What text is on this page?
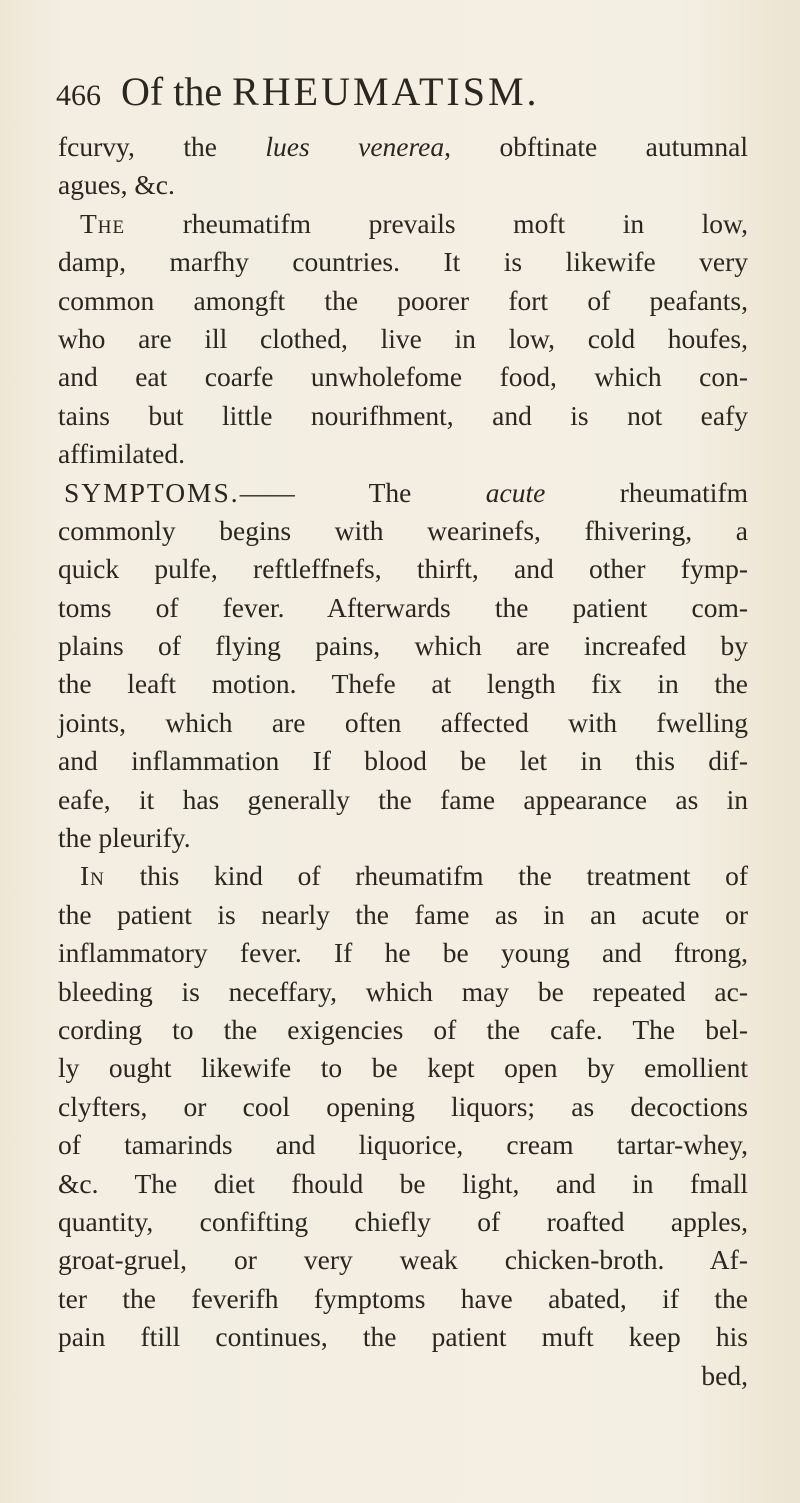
466 Of the RHEUMATISM.
fcurvy, the lues venerea, obftinate autumnal
agues, &c.
The rheumatifm prevails moft in low,
damp, marfhy countries. It is likewife very
common amongft the poorer fort of peafants,
who are ill clothed, live in low, cold houfes,
and eat coarfe unwholefome food, which con-
tains but little nourifhment, and is not eafy
affimilated.
SYMPTOMS.—— The acute rheumatifm
commonly begins with wearinefs, fhivering, a
quick pulfe, reftleffnefs, thirft, and other fymp-
toms of fever. Afterwards the patient com-
plains of flying pains, which are increafed by
the leaft motion. Thefe at length fix in the
joints, which are often affected with fwelling
and inflammation If blood be let in this dif-
eafe, it has generally the fame appearance as in
the pleurify.
In this kind of rheumatifm the treatment of
the patient is nearly the fame as in an acute or
inflammatory fever. If he be young and ftrong,
bleeding is neceffary, which may be repeated ac-
cording to the exigencies of the cafe. The bel-
ly ought likewife to be kept open by emollient
clyfters, or cool opening liquors; as decoctions
of tamarinds and liquorice, cream tartar-whey,
&c. The diet fhould be light, and in fmall
quantity, confifting chiefly of roafted apples,
groat-gruel, or very weak chicken-broth. Af-
ter the feverifh fymptoms have abated, if the
pain ftill continues, the patient muft keep his
bed,
